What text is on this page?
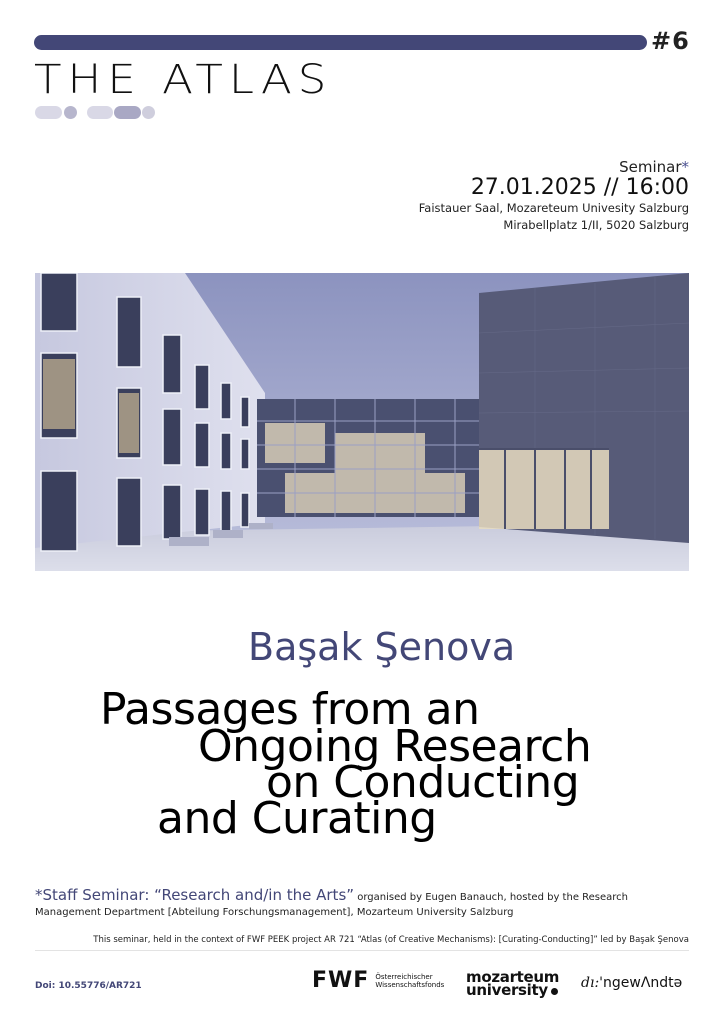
#6
THE ATLAS
Seminar*
27.01.2025 // 16:00
Faistauer Saal, Mozareteum Univesity Salzburg
Mirabellplatz 1/II, 5020 Salzburg
Başak Şenova
Passages from an
Ongoing Research
on Conducting
and Curating
*Staff Seminar: “Research and/in the Arts” organised by Eugen Banauch, hosted by the Research Management Department [Abteilung Forschungsmanagement], Mozarteum University Salzburg
This seminar, held in the context of FWF PEEK project AR 721 “Atlas (of Creative Mechanisms): [Curating-Conducting]” led by Başak Şenova
Doi: 10.55776/AR721	FWF Österreichischer
Wissenschaftsfonds mozarteum
university	dı:'ngewΛndtə
